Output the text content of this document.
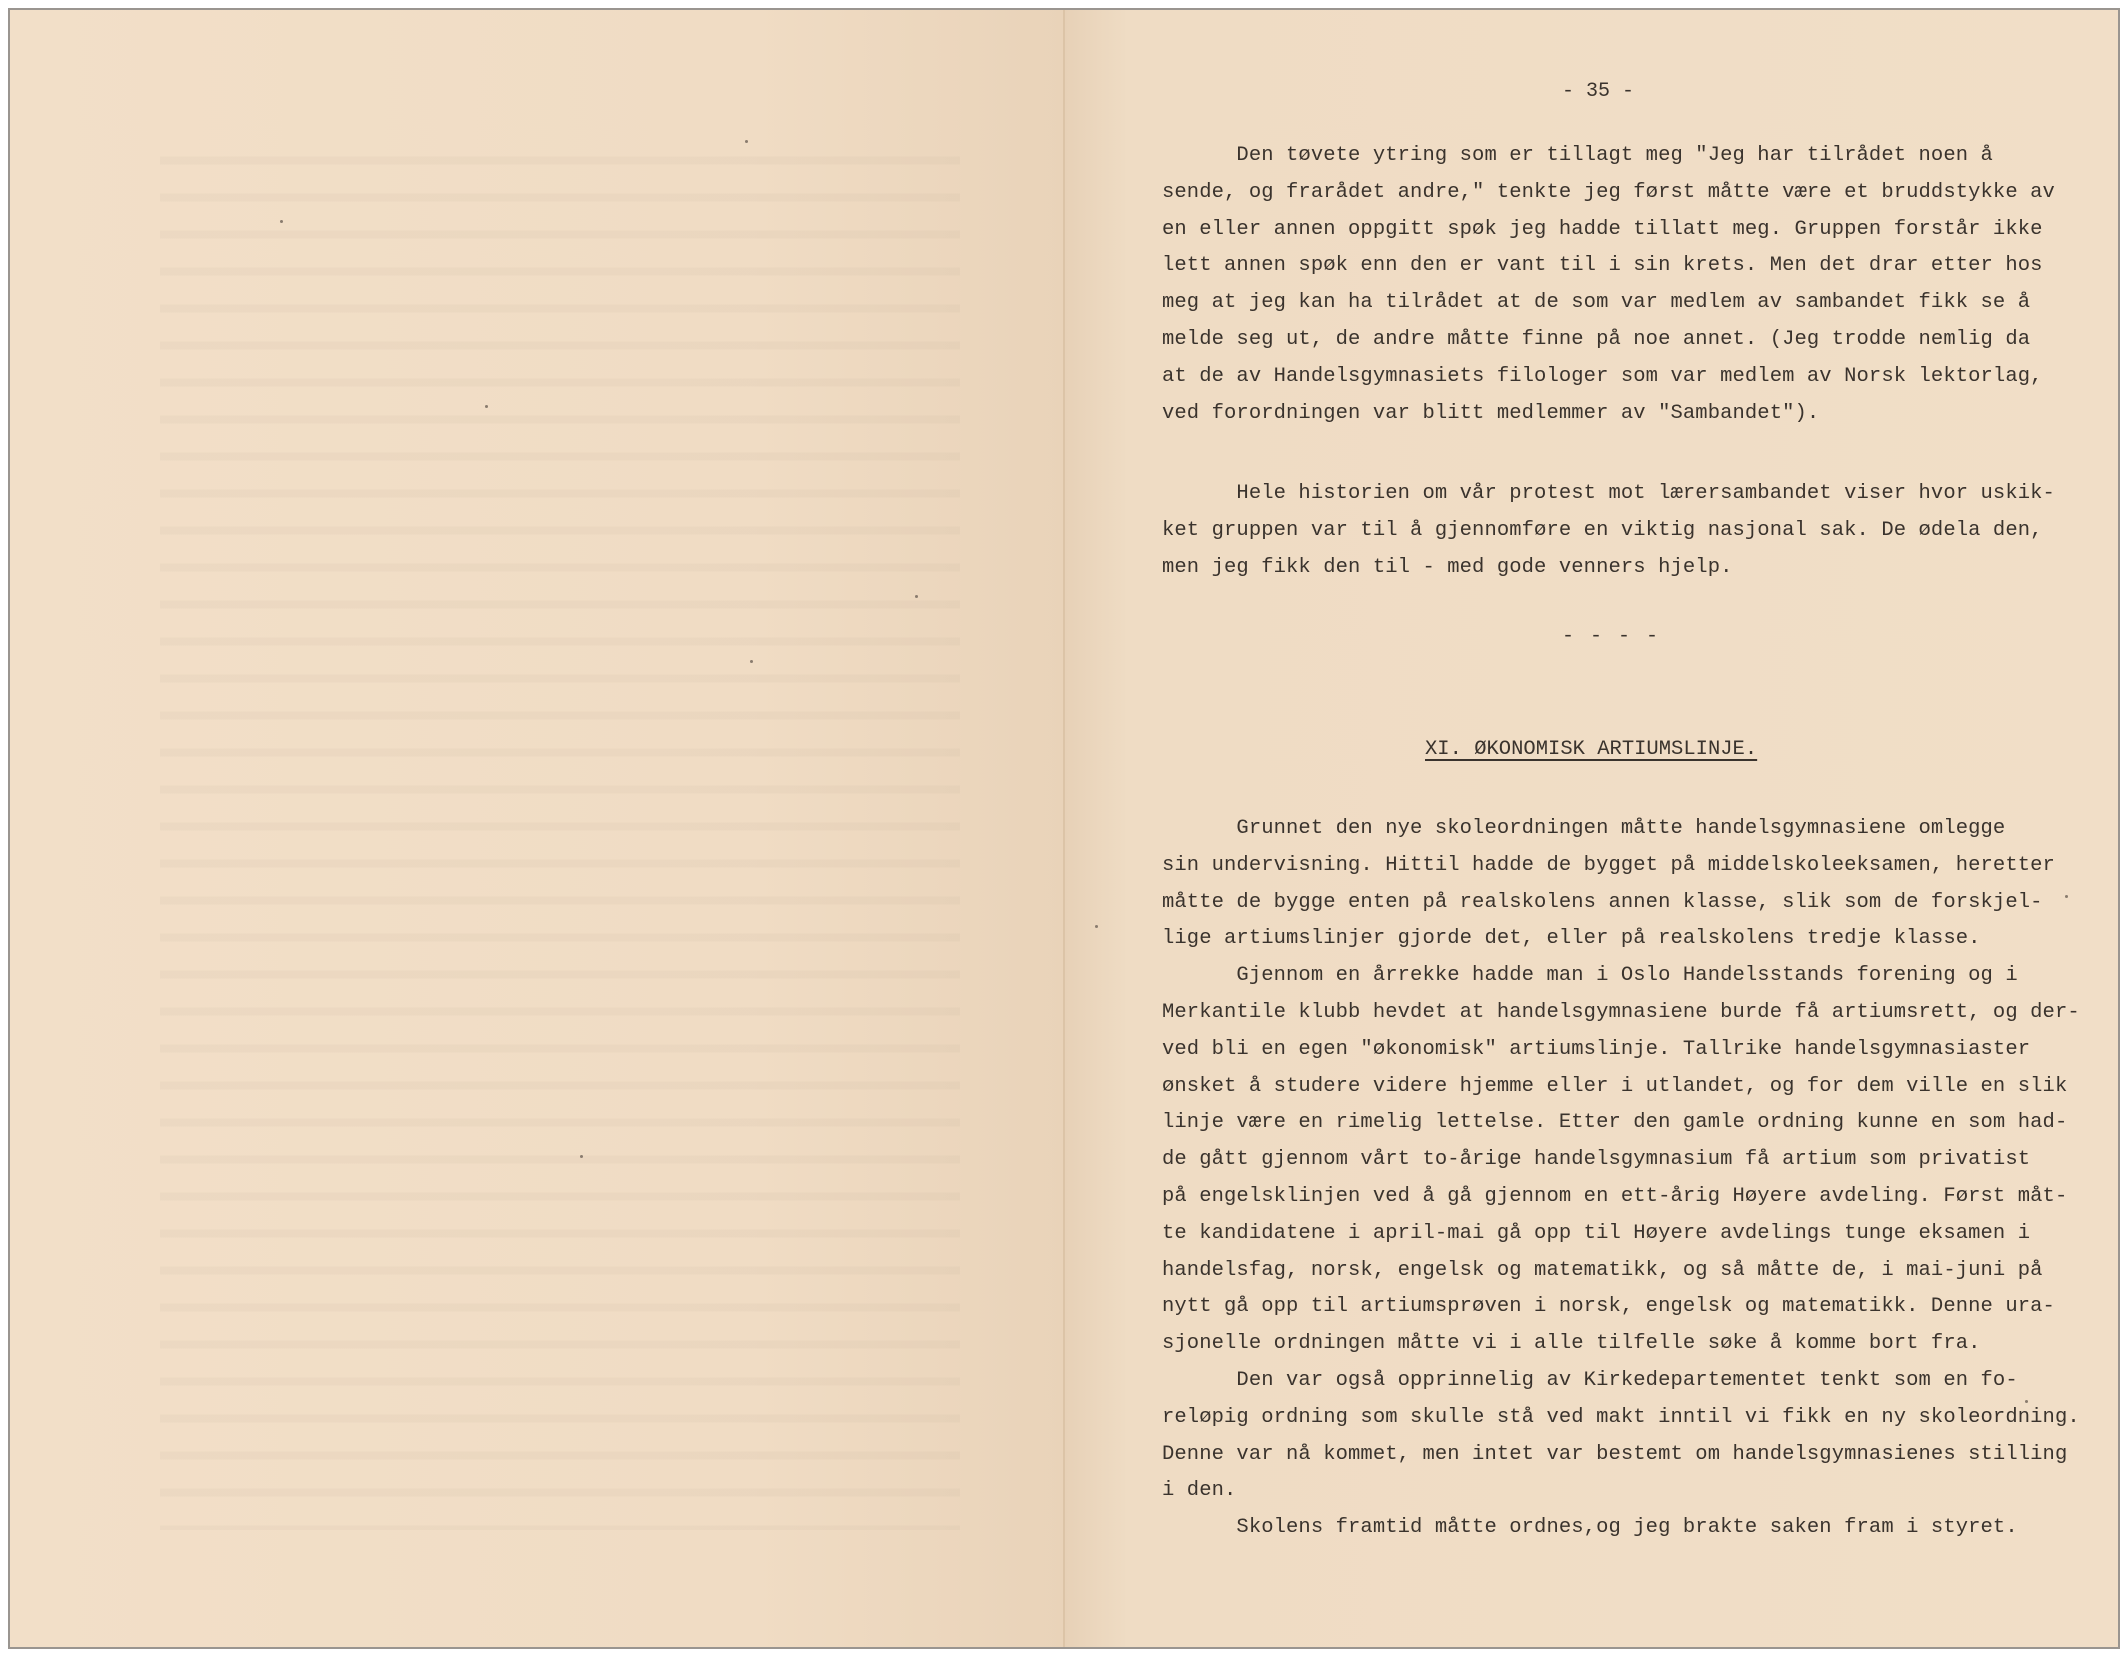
- 35 -
Den tøvete ytring som er tillagt meg "Jeg har tilrådet noen å
sende, og frarådet andre," tenkte jeg først måtte være et bruddstykke av
en eller annen oppgitt spøk jeg hadde tillatt meg. Gruppen forstår ikke
lett annen spøk enn den er vant til i sin krets. Men det drar etter hos
meg at jeg kan ha tilrådet at de som var medlem av sambandet fikk se å
melde seg ut, de andre måtte finne på noe annet. (Jeg trodde nemlig da
at de av Handelsgymnasiets filologer som var medlem av Norsk lektorlag,
ved forordningen var blitt medlemmer av "Sambandet").
Hele historien om vår protest mot lærersambandet viser hvor uskik-
ket gruppen var til å gjennomføre en viktig nasjonal sak. De ødela den,
men jeg fikk den til - med gode venners hjelp.
- - - -
XI. ØKONOMISK ARTIUMSLINJE.
Grunnet den nye skoleordningen måtte handelsgymnasiene omlegge
sin undervisning. Hittil hadde de bygget på middelskoleeksamen, heretter
måtte de bygge enten på realskolens annen klasse, slik som de forskjel-
lige artiumslinjer gjorde det, eller på realskolens tredje klasse.
Gjennom en årrekke hadde man i Oslo Handelsstands forening og i
Merkantile klubb hevdet at handelsgymnasiene burde få artiumsrett, og der-
ved bli en egen "økonomisk" artiumslinje. Tallrike handelsgymnasiaster
ønsket å studere videre hjemme eller i utlandet, og for dem ville en slik
linje være en rimelig lettelse. Etter den gamle ordning kunne en som had-
de gått gjennom vårt to-årige handelsgymnasium få artium som privatist
på engelsklinjen ved å gå gjennom en ett-årig Høyere avdeling. Først måt-
te kandidatene i april-mai gå opp til Høyere avdelings tunge eksamen i
handelsfag, norsk, engelsk og matematikk, og så måtte de, i mai-juni på
nytt gå opp til artiumsprøven i norsk, engelsk og matematikk. Denne ura-
sjonelle ordningen måtte vi i alle tilfelle søke å komme bort fra.
Den var også opprinnelig av Kirkedepartementet tenkt som en fo-
reløpig ordning som skulle stå ved makt inntil vi fikk en ny skoleordning.
Denne var nå kommet, men intet var bestemt om handelsgymnasienes stilling
i den.
Skolens framtid måtte ordnes,og jeg brakte saken fram i styret.
